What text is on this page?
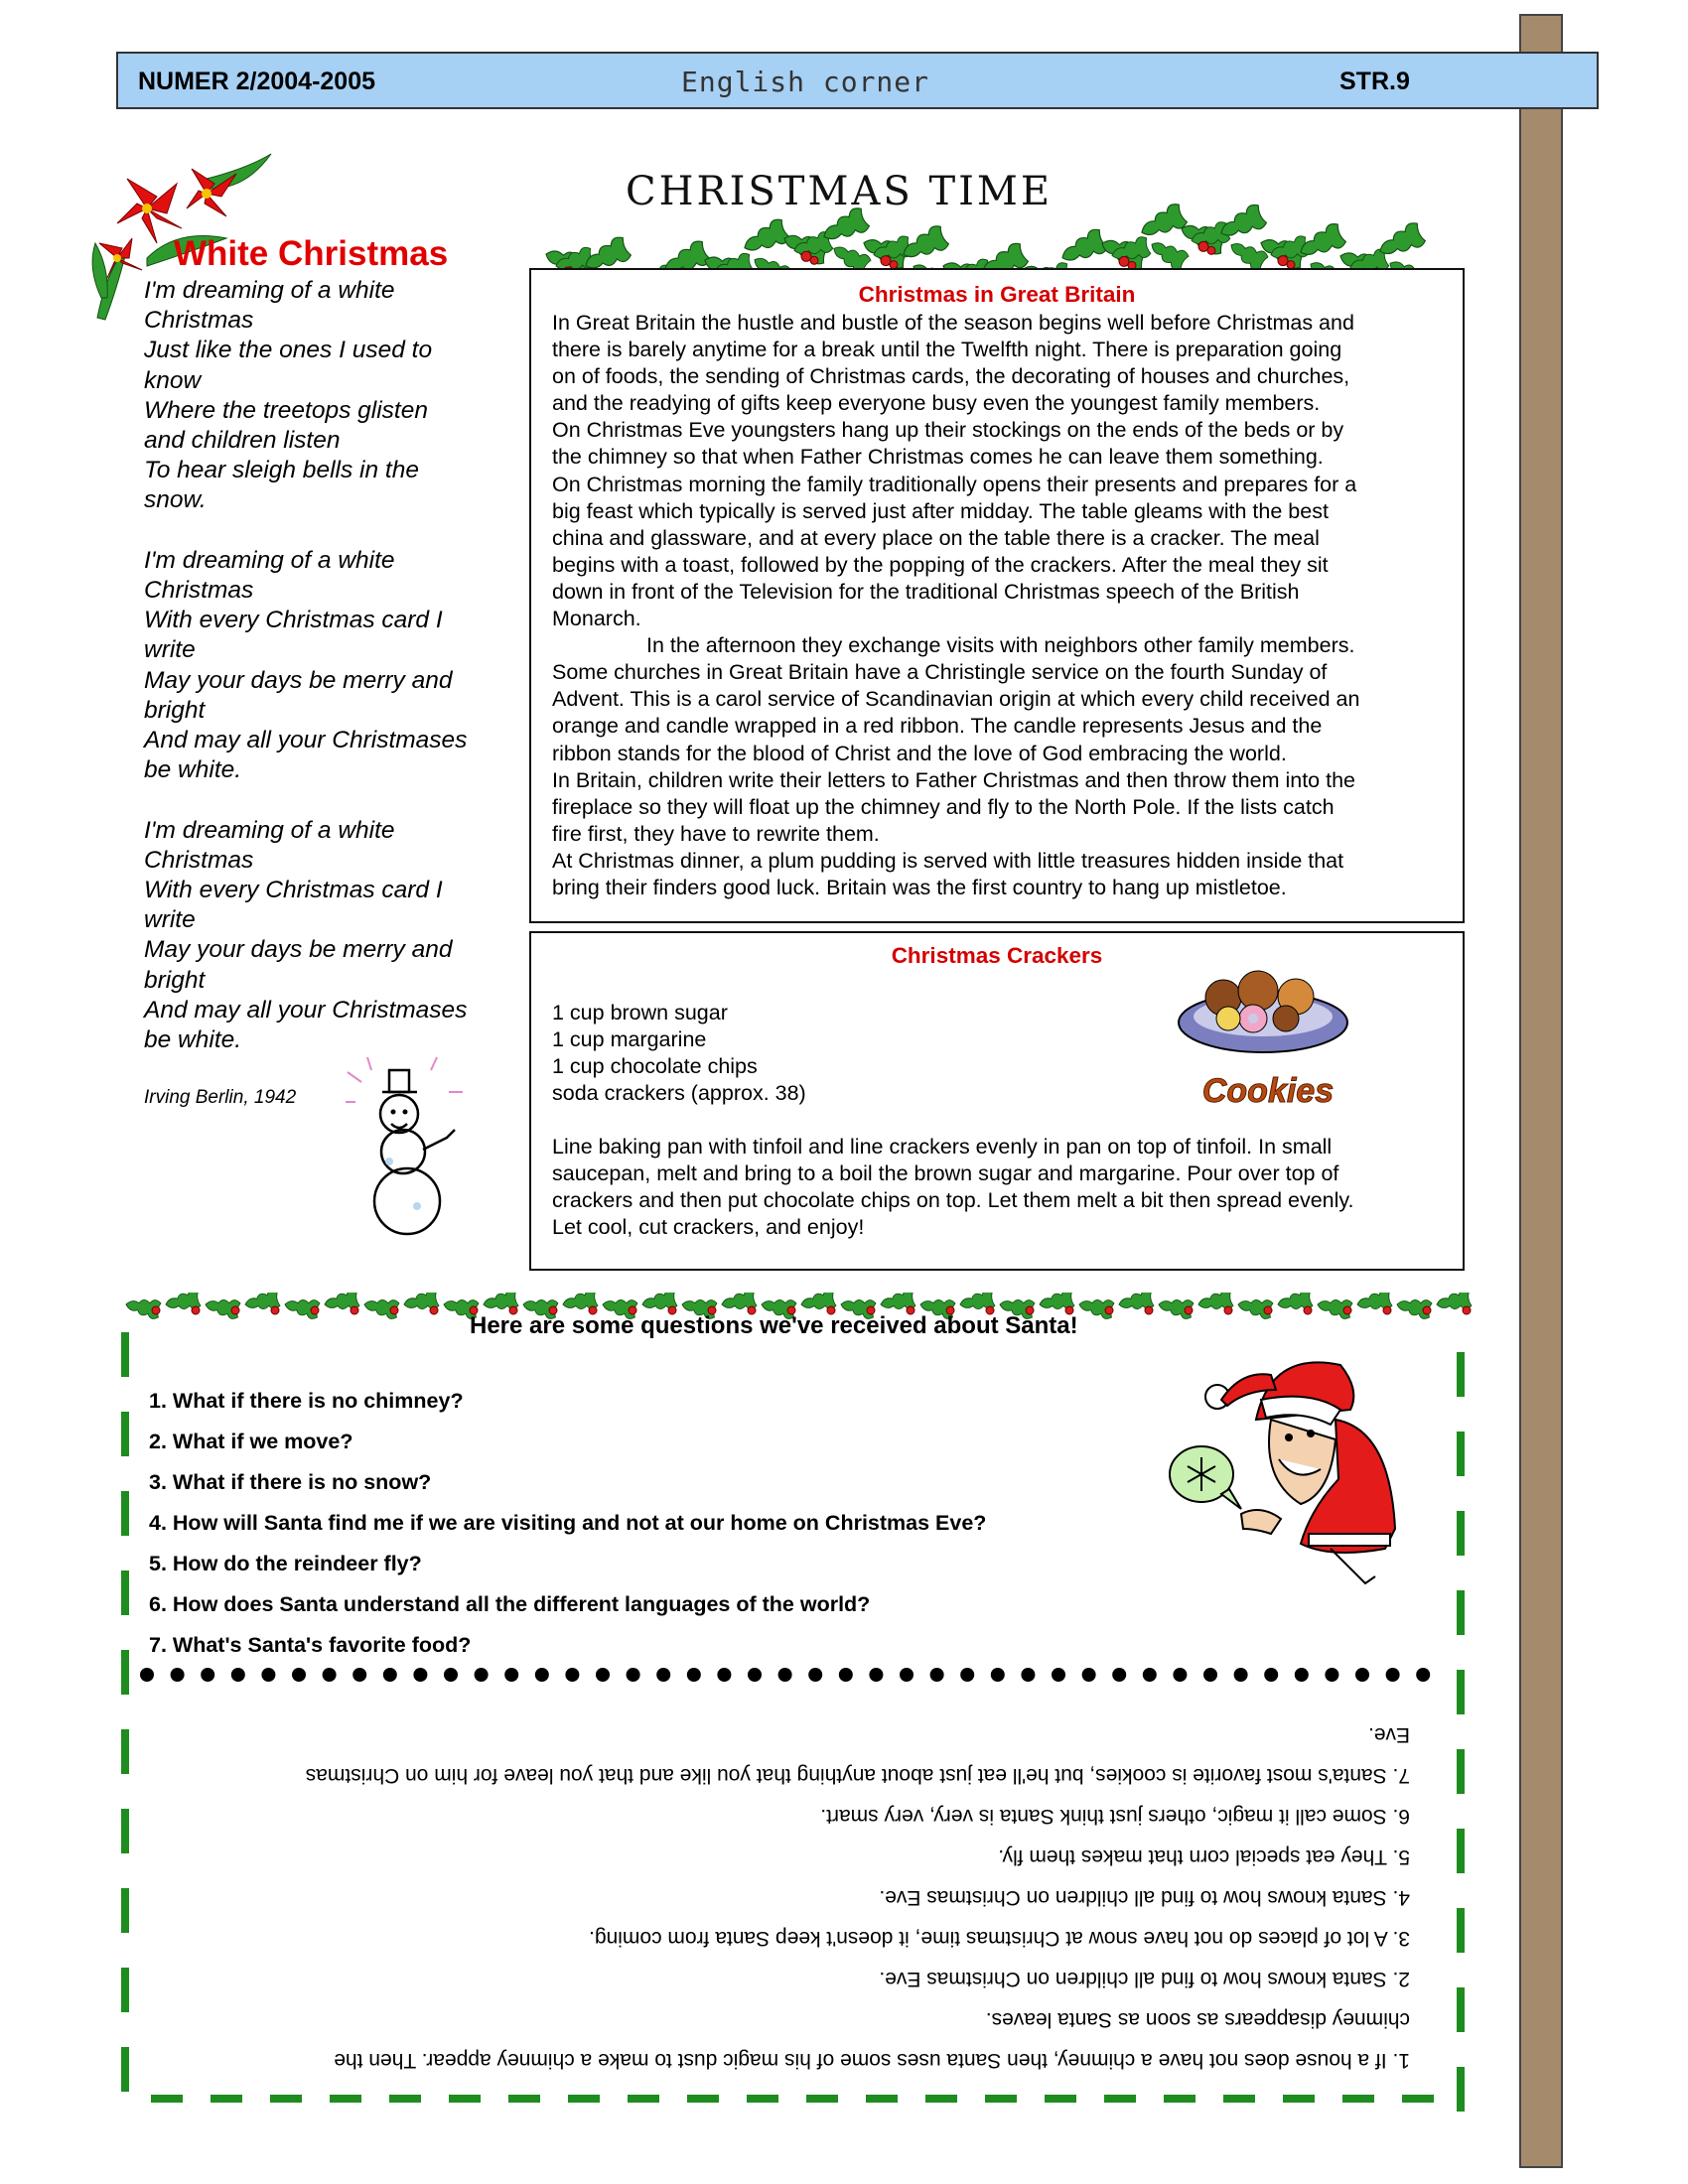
NUMER 2/2004-2005	English corner	STR.9
CHRISTMAS TIME
White Christmas
I'm dreaming of a white
Christmas
Just like the ones I used to
know
Where the treetops glisten
and children listen
To hear sleigh bells in the
snow.
I'm dreaming of a white
Christmas
With every Christmas card I
write
May your days be merry and
bright
And may all your Christmases
be white.
I'm dreaming of a white
Christmas
With every Christmas card I
write
May your days be merry and
bright
And may all your Christmases
be white.
Irving Berlin, 1942
Christmas in Great Britain
In Great Britain the hustle and bustle of the season begins well before Christmas and
there is barely anytime for a break until the Twelfth night. There is preparation going
on of foods, the sending of Christmas cards, the decorating of houses and churches,
and the readying of gifts keep everyone busy even the youngest family members.
On Christmas Eve youngsters hang up their stockings on the ends of the beds or by
the chimney so that when Father Christmas comes he can leave them something.
On Christmas morning the family traditionally opens their presents and prepares for a
big feast which typically is served just after midday. The table gleams with the best
china and glassware, and at every place on the table there is a cracker. The meal
begins with a toast, followed by the popping of the crackers. After the meal they sit
down in front of the Television for the traditional Christmas speech of the British
Monarch.
In the afternoon they exchange visits with neighbors other family members.
Some churches in Great Britain have a Christingle service on the fourth Sunday of
Advent. This is a carol service of Scandinavian origin at which every child received an
orange and candle wrapped in a red ribbon. The candle represents Jesus and the
ribbon stands for the blood of Christ and the love of God embracing the world.
In Britain, children write their letters to Father Christmas and then throw them into the
fireplace so they will float up the chimney and fly to the North Pole. If the lists catch
fire first, they have to rewrite them.
At Christmas dinner, a plum pudding is served with little treasures hidden inside that
bring their finders good luck. Britain was the first country to hang up mistletoe.
Christmas Crackers
1 cup brown sugar
1 cup margarine
1 cup chocolate chips
soda crackers (approx. 38)
Line baking pan with tinfoil and line crackers evenly in pan on top of tinfoil. In small
saucepan, melt and bring to a boil the brown sugar and margarine. Pour over top of
crackers and then put chocolate chips on top. Let them melt a bit then spread evenly.
Let cool, cut crackers, and enjoy!
Cookies
Here are some questions we've received about Santa!
1. What if there is no chimney?
2. What if we move?
3. What if there is no snow?
4. How will Santa find me if we are visiting and not at our home on Christmas Eve?
5. How do the reindeer fly?
6. How does Santa understand all the different languages of the world?
7. What's Santa's favorite food?
1. If a house does not have a chimney, then Santa uses some of his magic dust to make a chimney appear. Then the
chimney disappears as soon as Santa leaves.
2. Santa knows how to find all children on Christmas Eve.
3. A lot of places do not have snow at Christmas time, it doesn't keep Santa from coming.
4. Santa knows how to find all children on Christmas Eve.
5. They eat special corn that makes them fly.
6. Some call it magic, others just think Santa is very, very smart.
7. Santa's most favorite is cookies, but he'll eat just about anything that you like and that you leave for him on Christmas
Eve.
